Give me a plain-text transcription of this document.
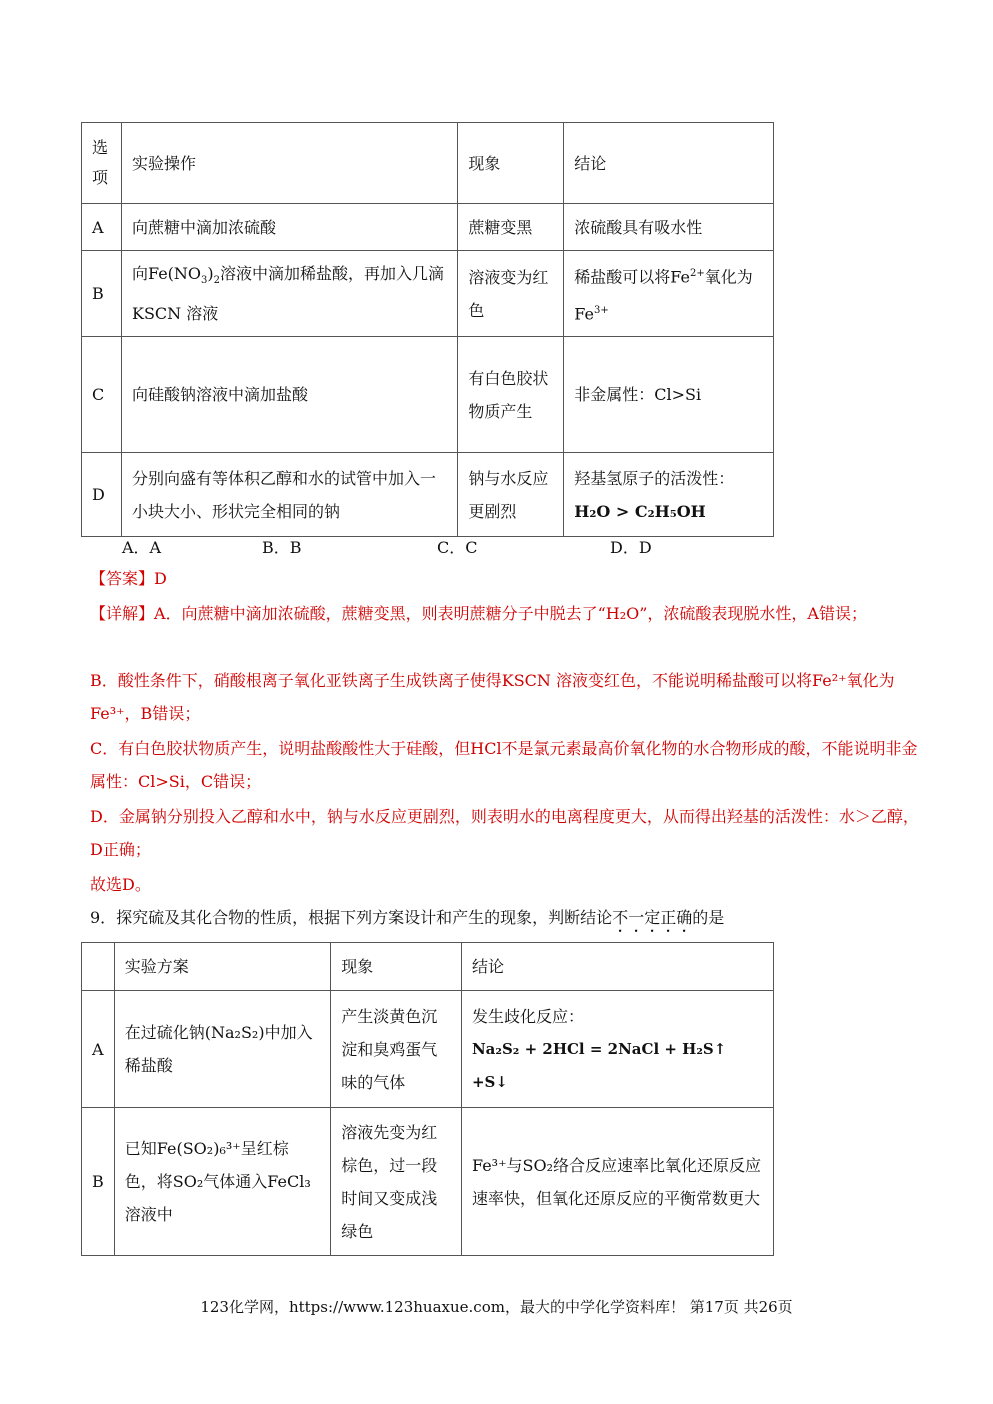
选
项	实验操作	现象	结论
A	向蔗糖中滴加浓硫酸	蔗糖变黑	浓硫酸具有吸水性
B	向$Fe(NO_3)_2$溶液中滴加稀盐酸，再加入几滴KSCN 溶液	溶液变为红色	稀盐酸可以将$Fe^{2+}$氧化为$Fe^{3+}$
C	向硅酸钠溶液中滴加盐酸	有白色胶状物质产生	非金属性：Cl>Si
D	分别向盛有等体积乙醇和水的试管中加入一小块大小、形状完全相同的钠	钠与水反应更剧烈	羟基氢原子的活泼性：
H₂O > C₂H₅OH
A．A	B．B	C．C	D．D
【答案】D
【详解】A．向蔗糖中滴加浓硫酸，蔗糖变黑，则表明蔗糖分子中脱去了“H₂O”，浓硫酸表现脱水性，A错误；
B．酸性条件下，硝酸根离子氧化亚铁离子生成铁离子使得KSCN 溶液变红色，不能说明稀盐酸可以将Fe²⁺氧化为Fe³⁺，B错误；
C．有白色胶状物质产生，说明盐酸酸性大于硅酸，但HCl不是氯元素最高价氧化物的水合物形成的酸，不能说明非金属性：Cl>Si，C错误；
D．金属钠分别投入乙醇和水中，钠与水反应更剧烈，则表明水的电离程度更大，从而得出羟基的活泼性：水＞乙醇，D正确；
故选D。
9．探究硫及其化合物的性质，根据下列方案设计和产生的现象，判断结论不一定正确的是
	实验方案	现象	结论
A	在过硫化钠(Na₂S₂)中加入稀盐酸	产生淡黄色沉淀和臭鸡蛋气味的气体	发生歧化反应：
Na₂S₂ + 2HCl = 2NaCl + H₂S↑ +S↓

B	已知Fe(SO₂)₆³⁺呈红棕色，将SO₂气体通入FeCl₃溶液中	溶液先变为红棕色，过一段时间又变成浅绿色	Fe³⁺与SO₂络合反应速率比氧化还原反应速率快，但氧化还原反应的平衡常数更大
123化学网，https://www.123huaxue.com，最大的中学化学资料库！ 第17页 共26页
